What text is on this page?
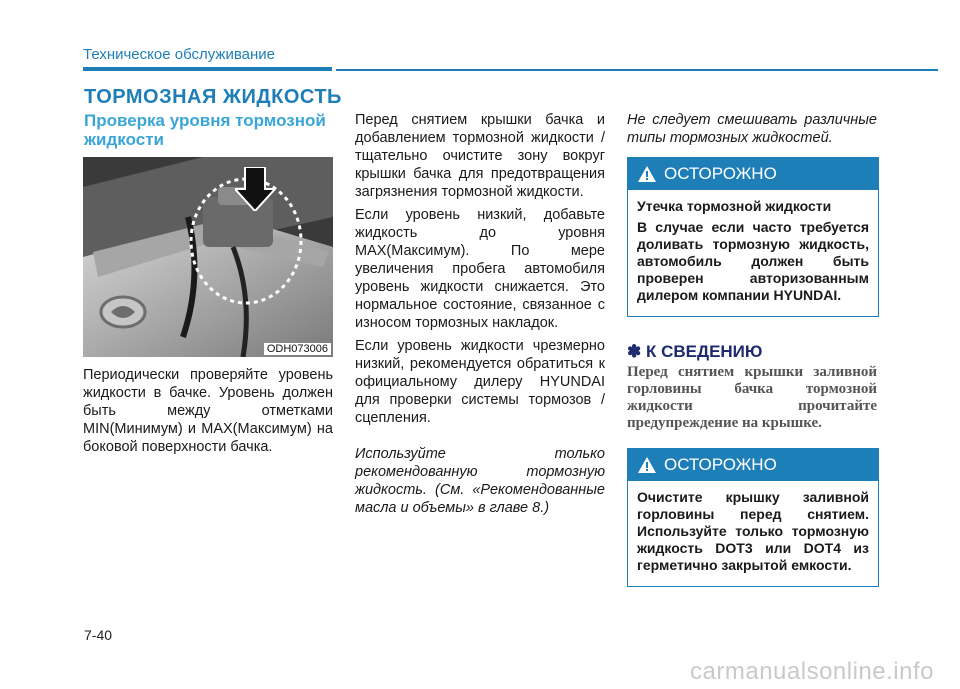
Техническое обслуживание
ТОРМОЗНАЯ ЖИДКОСТЬ
Проверка уровня тормозной жидкости
ODH073006

Периодически проверяйте уровень жидкости в бачке. Уровень должен быть между отметками MIN(Минимум) и MAX(Максимум) на боковой поверхности бачка.

Перед снятием крышки бачка и добавлением тормозной жидкости / тщательно очистите зону вокруг крышки бачка для предотвращения загрязнения тормозной жидкости.

Если уровень низкий, добавьте жидкость до уровня MAX(Максимум). По мере увеличения пробега автомобиля уровень жидкости снижается. Это нормальное состояние, связанное с износом тормозных накладок.

Если уровень жидкости чрезмерно низкий, рекомендуется обратиться к официальному дилеру HYUNDAI для проверки системы тормозов / сцепления.

Используйте только рекомендованную тормозную жидкость. (См. «Рекомендованные масла и объемы» в главе 8.)

Не следует смешивать различные типы тормозных жидкостей.

ОСТОРОЖНО

Утечка тормозной жидкости

В случае если часто требуется доливать тормозную жидкость, автомобиль должен быть проверен авторизованным дилером компании HYUNDAI.

✽ К СВЕДЕНИЮ
Перед снятием крышки заливной горловины бачка тормозной жидкости прочитайте предупреждение на крышке.
ОСТОРОЖНО

Очистите крышку заливной горловины перед снятием. Используйте только тормозную жидкость DOT3 или DOT4 из герметично закрытой емкости.

7-40
carmanualsonline.info
